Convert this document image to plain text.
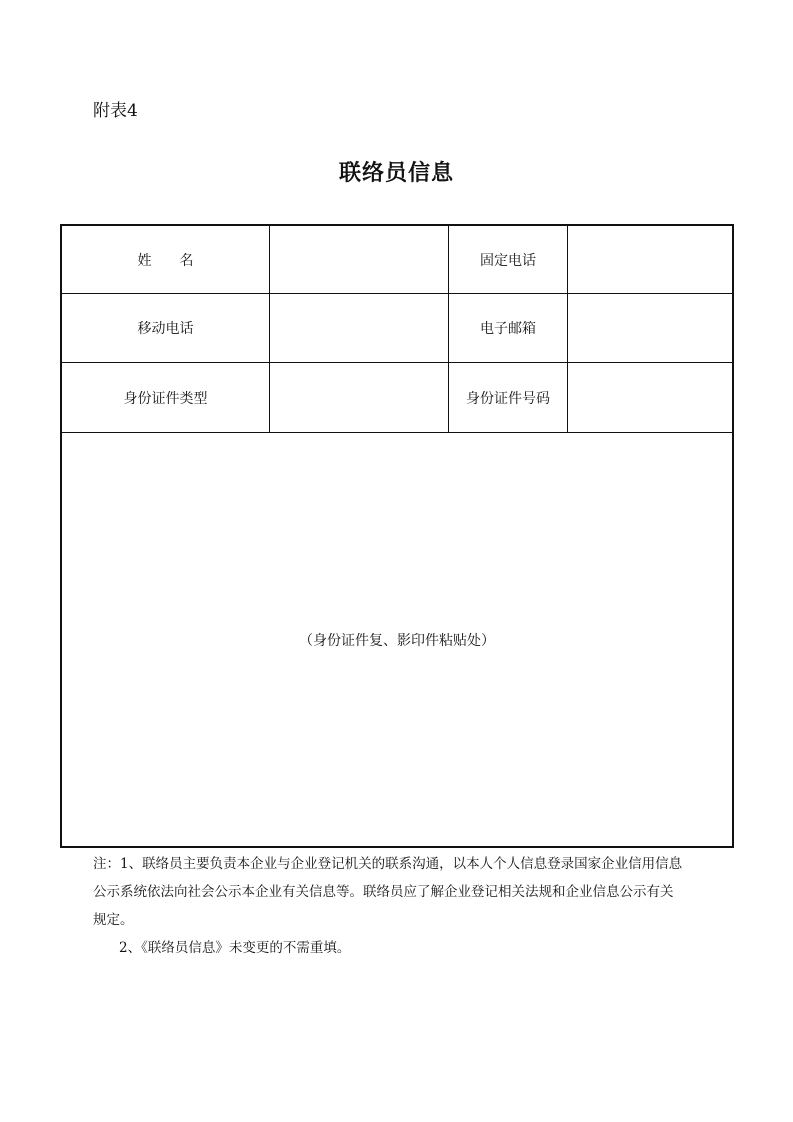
附表4
联络员信息
姓　　名	固定电话
移动电话	电子邮箱
身份证件类型	身份证件号码
（身份证件复、影印件粘贴处）
注：1、联络员主要负责本企业与企业登记机关的联系沟通，以本人个人信息登录国家企业信用信息
公示系统依法向社会公示本企业有关信息等。联络员应了解企业登记相关法规和企业信息公示有关
规定。
2、《联络员信息》未变更的不需重填。
